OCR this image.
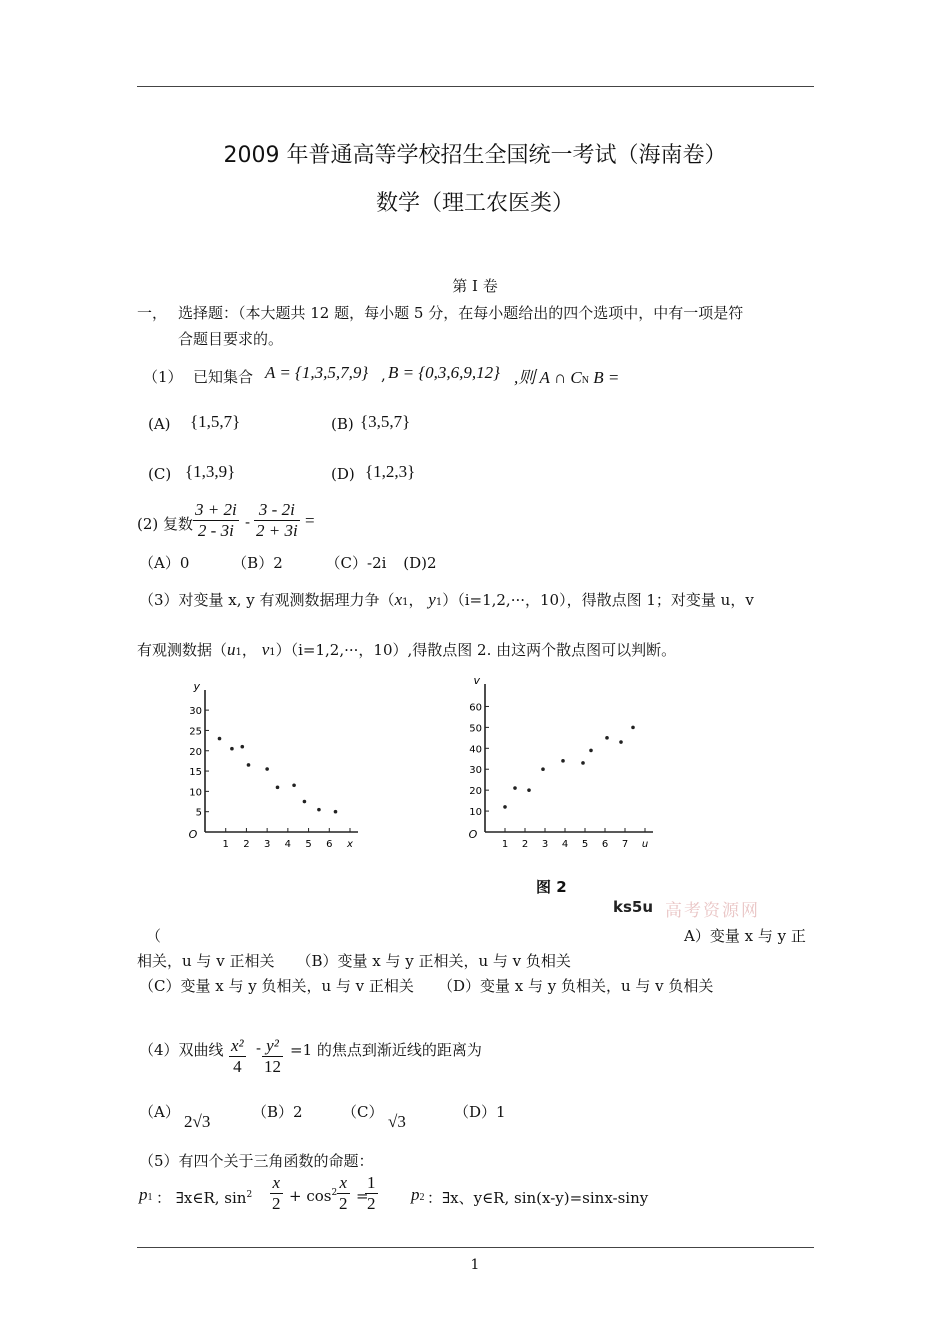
2009 年普通高等学校招生全国统一考试（海南卷）
数学（理工农医类）
第 I 卷
一， 选择题：（本大题共 12 题，每小题 5 分，在每小题给出的四个选项中，中有一项是符
合题目要求的。
（1） 已知集合 A = {1,3,5,7,9} , B = {0,3,6,9,12} ,则 A ∩ CN B =
(A) {1,5,7}	(B) {3,5,7}
(C) {1,3,9}	(D) {1,2,3}
(2) 复数 $\frac{3 + 2i}{2 - 3i} - \frac{3 - 2i}{2 + 3i}$ =
（A）0	（B）2	（C）-2i (D)2
（3）对变量 x, y 有观测数据理力争（x1， y1）（i=1,2,···，10），得散点图 1；对变量 u，v
有观测数据（u1， v1）（i=1,2,···，10）,得散点图 2. 由这两个散点图可以判断。
y
O
5
10
15
20
25
30
1 2 3 4 5 6 x
v
O
10
20
30
40
50
60
1 2 3 4 5 6 7 u
图 2
ks5u 高考资源网
（	A）变量 x 与 y 正
相关，u 与 v 正相关 （B）变量 x 与 y 正相关，u 与 v 负相关
（C）变量 x 与 y 负相关，u 与 v 正相关 （D）变量 x 与 y 负相关，u 与 v 负相关
（4）双曲线 $\frac{\text{x²}}{4} - \frac{\text{y²}}{12} =1$ 的焦点到渐近线的距离为
（A） 2√3	（B）2	（C） √3	（D）1
（5）有四个关于三角函数的命题：
p1 ： ∃x∈R, $\sin^2 \frac{x}{2} + \cos^2 \frac{x}{2}$ =
$\frac{1}{2} p2$ ：∃x、y∈R, sin(x-y)=sinx-siny
1
